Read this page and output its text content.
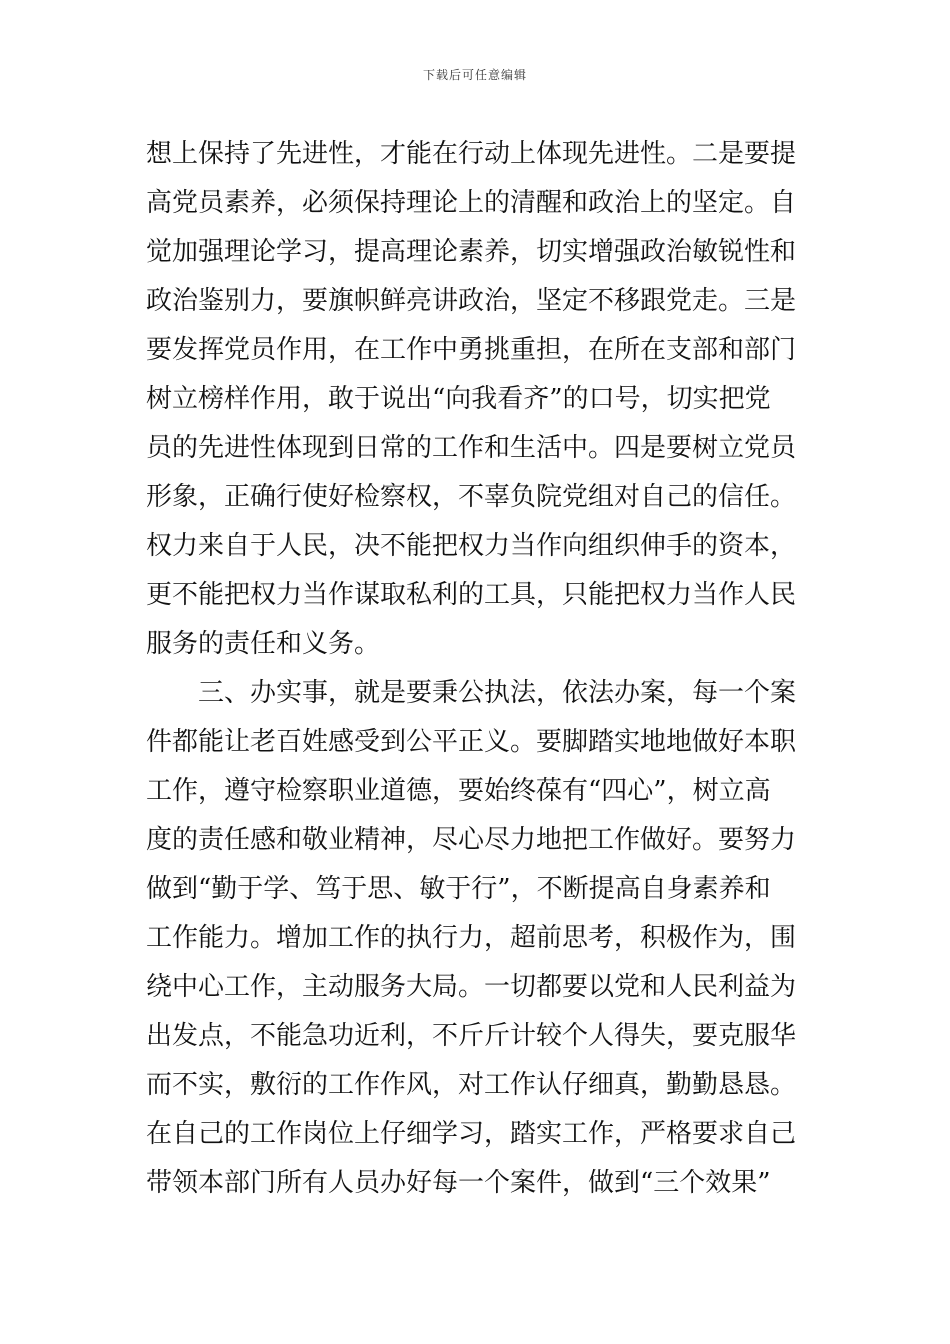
下载后可任意编辑
想上保持了先进性，才能在行动上体现先进性。二是要提
高党员素养，必须保持理论上的清醒和政治上的坚定。自
觉加强理论学习，提高理论素养，切实增强政治敏锐性和
政治鉴别力，要旗帜鲜亮讲政治，坚定不移跟党走。三是
要发挥党员作用，在工作中勇挑重担，在所在支部和部门
树立榜样作用，敢于说出“向我看齐”的口号，切实把党
员的先进性体现到日常的工作和生活中。四是要树立党员
形象，正确行使好检察权，不辜负院党组对自己的信任。
权力来自于人民，决不能把权力当作向组织伸手的资本，
更不能把权力当作谋取私利的工具，只能把权力当作人民
服务的责任和义务。
三、办实事，就是要秉公执法，依法办案，每一个案
件都能让老百姓感受到公平正义。要脚踏实地地做好本职
工作，遵守检察职业道德，要始终葆有“四心”，树立高
度的责任感和敬业精神，尽心尽力地把工作做好。要努力
做到“勤于学、笃于思、敏于行”，不断提高自身素养和
工作能力。增加工作的执行力，超前思考，积极作为，围
绕中心工作，主动服务大局。一切都要以党和人民利益为
出发点，不能急功近利，不斤斤计较个人得失，要克服华
而不实，敷衍的工作作风，对工作认仔细真，勤勤恳恳。
在自己的工作岗位上仔细学习，踏实工作，严格要求自己
带领本部门所有人员办好每一个案件，做到“三个效果”
